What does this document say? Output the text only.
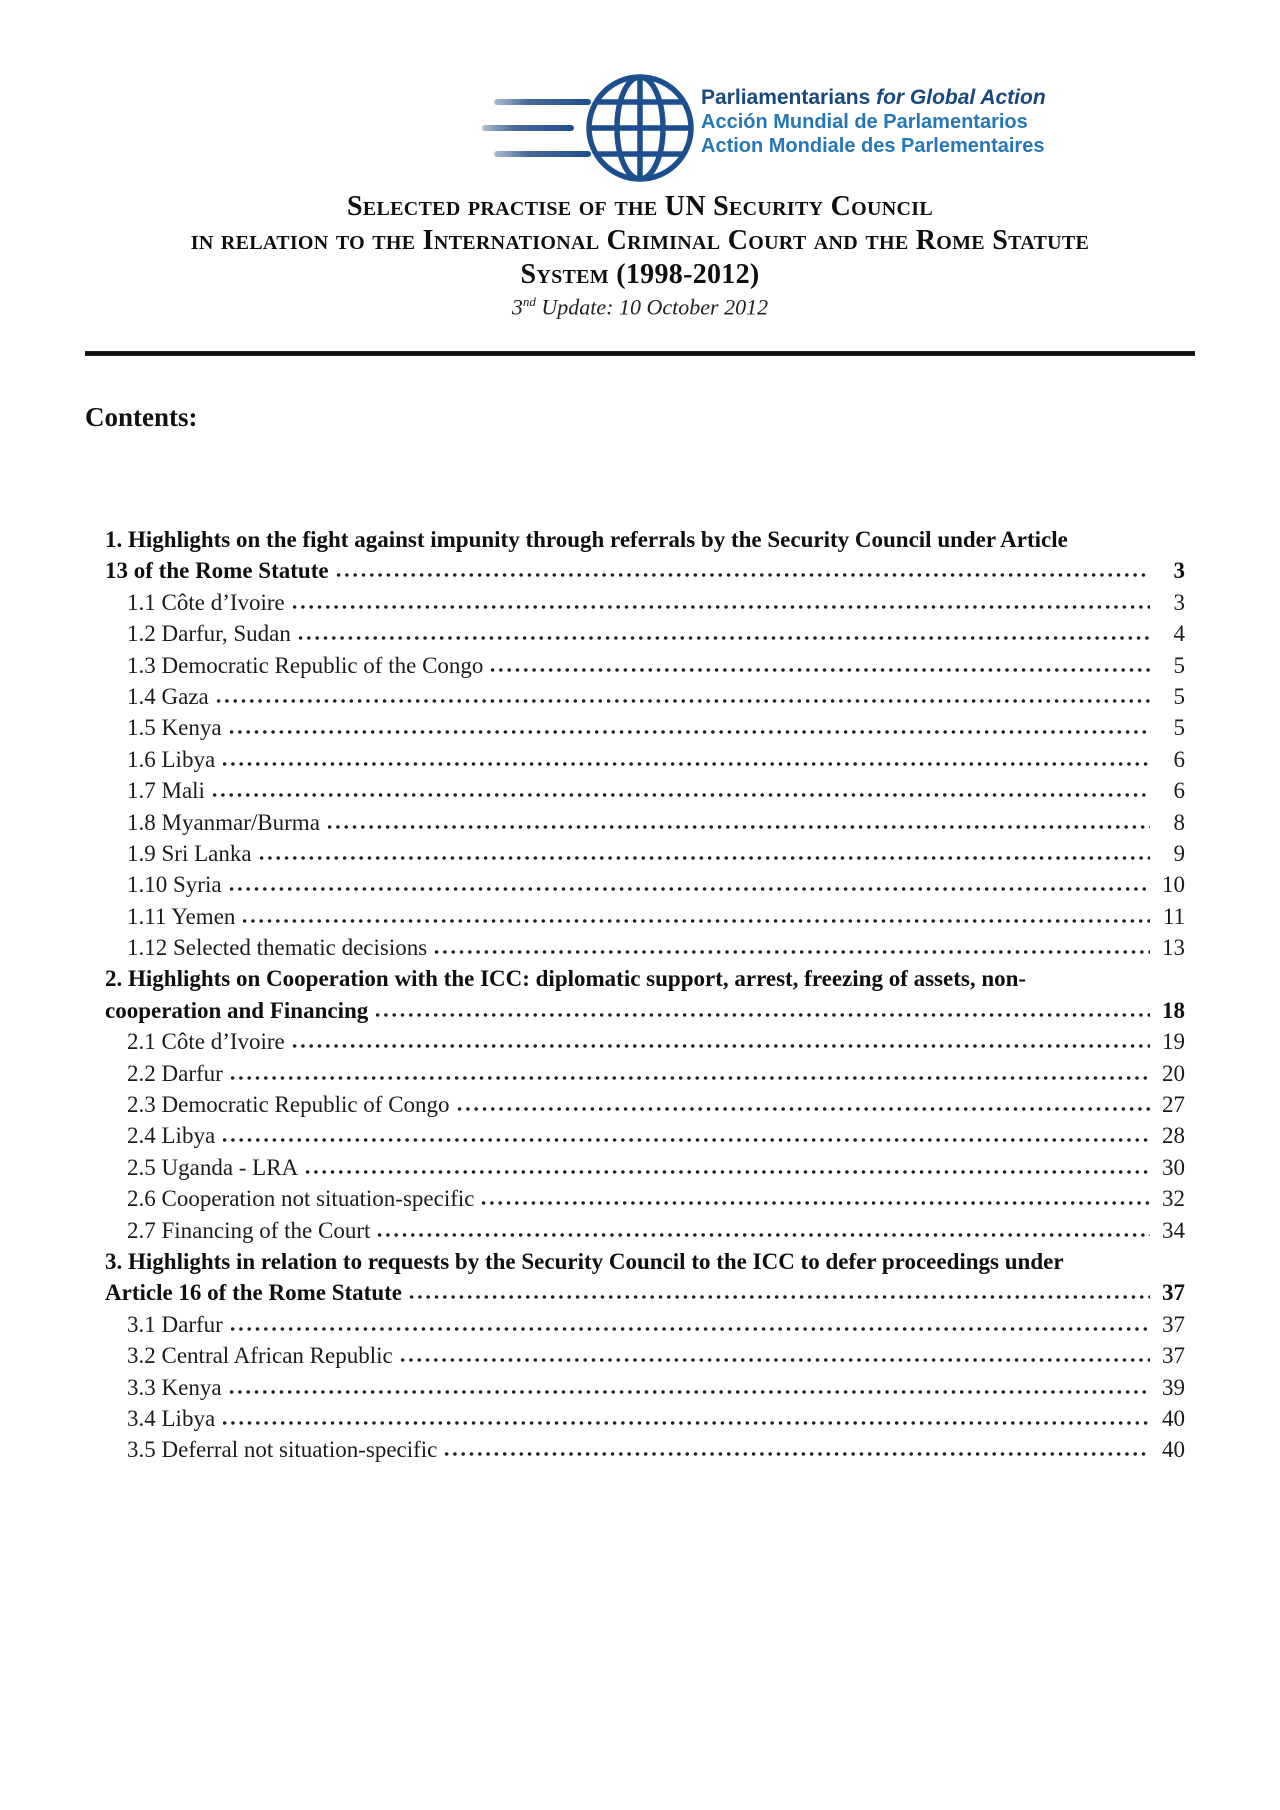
Parliamentarians for Global Action
Acción Mundial de Parlamentarios
Action Mondiale des Parlementaires
Selected practise of the UN Security Council
in relation to the International Criminal Court and the Rome Statute
System (1998-2012)
3nd Update: 10 October 2012
Contents:
1. Highlights on the fight against impunity through referrals by the Security Council under Article
13 of the Rome Statute	3
1.1 Côte d’Ivoire	3
1.2 Darfur, Sudan	4
1.3 Democratic Republic of the Congo	5
1.4 Gaza	5
1.5 Kenya	5
1.6 Libya	6
1.7 Mali	6
1.8 Myanmar/Burma	8
1.9 Sri Lanka	9
1.10 Syria	10
1.11 Yemen	11
1.12 Selected thematic decisions	13
2. Highlights on Cooperation with the ICC: diplomatic support, arrest, freezing of assets, non-
cooperation and Financing	18
2.1 Côte d’Ivoire	19
2.2 Darfur	20
2.3 Democratic Republic of Congo	27
2.4 Libya	28
2.5 Uganda - LRA	30
2.6 Cooperation not situation-specific	32
2.7 Financing of the Court	34
3. Highlights in relation to requests by the Security Council to the ICC to defer proceedings under
Article 16 of the Rome Statute	37
3.1 Darfur	37
3.2 Central African Republic	37
3.3 Kenya	39
3.4 Libya	40
3.5 Deferral not situation-specific	40
